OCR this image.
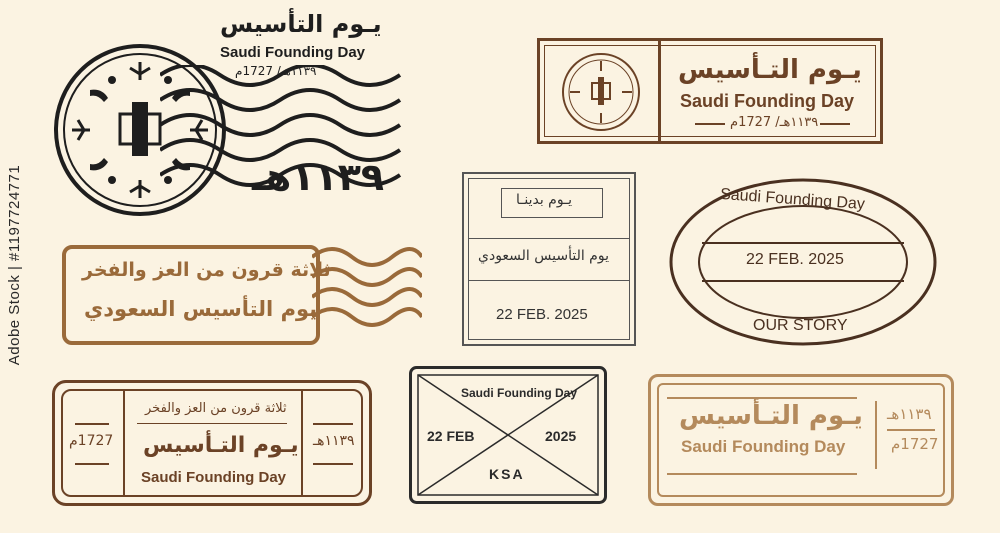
Adobe Stock | #1197724771
يـوم التأسيس
Saudi Founding Day
١١٣٩هـ/ 1727م
١١٣٩هـ
يـوم التـأسيس
Saudi Founding Day
١١٣٩هـ/ 1727م
ثلاثة قرون من العز والفخر
يوم التأسيس السعودي
يـوم بدينـا
يوم التأسيس السعودي
22 FEB. 2025
Saudi Founding Day
22 FEB. 2025
OUR STORY
1727م
ثلاثة قرون من العز والفخر
يـوم التـأسيس
Saudi Founding Day
١١٣٩هـ
Saudi Founding Day
22 FEB	2025
KSA
يـوم التـأسيس
Saudi Founding Day
١١٣٩هـ
1727م
